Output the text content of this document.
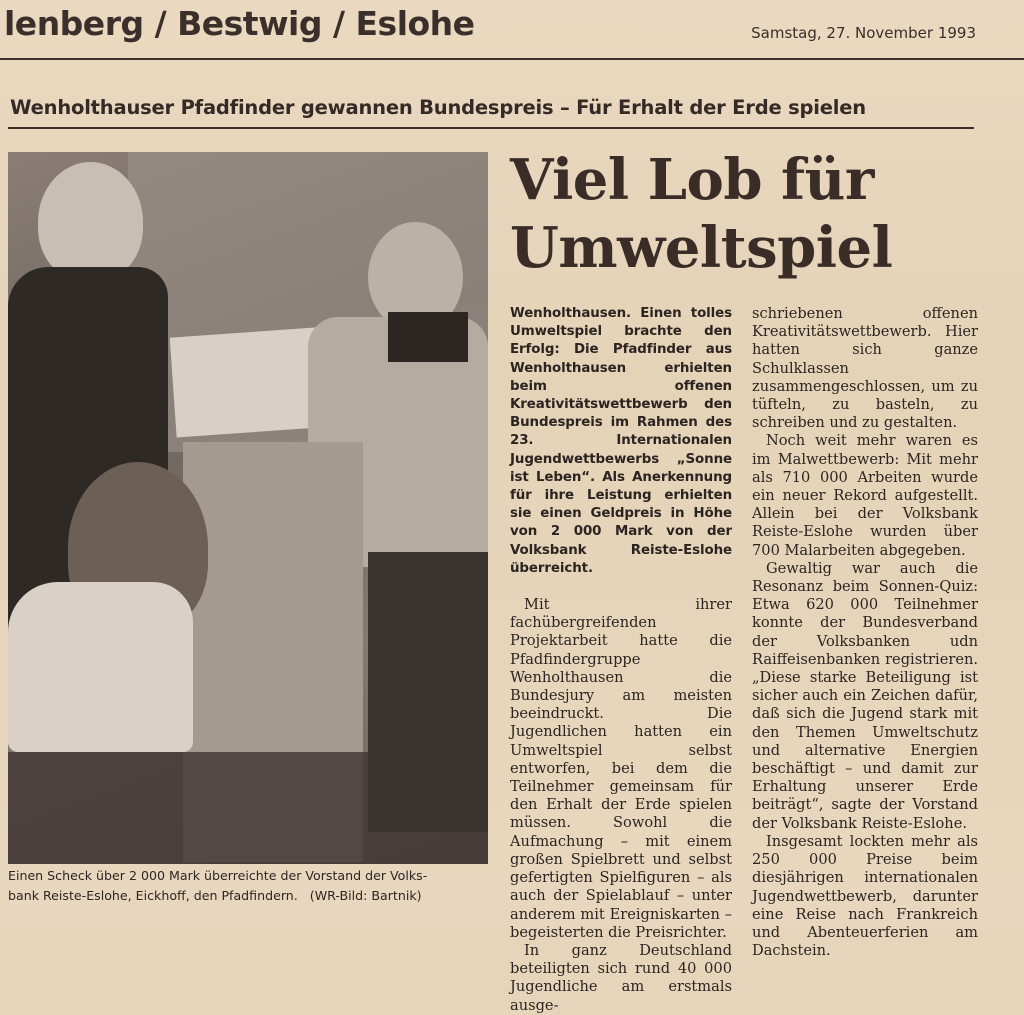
lenberg / Bestwig / Eslohe	Samstag, 27. November 1993
Wenholthauser Pfadfinder gewannen Bundespreis – Für Erhalt der Erde spielen
Viel Lob für
Umweltspiel
Einen Scheck über 2 000 Mark überreichte der Vorstand der Volks-
bank Reiste-Eslohe, Eickhoff, den Pfadfindern.   (WR-Bild: Bartnik)

Wenholthausen. Einen tolles Umweltspiel brachte den Erfolg: Die Pfadfinder aus Wenholthausen erhielten beim offenen Kreativitätswettbewerb den Bundespreis im Rahmen des 23. Internationalen Jugendwettbewerbs „Sonne ist Leben“. Als Anerkennung für ihre Leistung erhielten sie einen Geldpreis in Höhe von 2 000 Mark von der Volksbank Reiste-Eslohe überreicht.

Mit ihrer fachübergreifenden Projektarbeit hatte die Pfadfindergruppe Wenholthausen die Bundesjury am meisten beeindruckt. Die Jugendlichen hatten ein Umweltspiel selbst entworfen, bei dem die Teilnehmer gemeinsam für den Erhalt der Erde spielen müssen. Sowohl die Aufmachung – mit einem großen Spielbrett und selbst gefertigten Spielfiguren – als auch der Spielablauf – unter anderem mit Ereigniskarten – begeisterten die Preisrichter.

In ganz Deutschland beteiligten sich rund 40 000 Jugendliche am erstmals ausge-

schriebenen offenen Kreativitätswettbewerb. Hier hatten sich ganze Schulklassen zusammengeschlossen, um zu tüfteln, zu basteln, zu schreiben und zu gestalten.

Noch weit mehr waren es im Malwettbewerb: Mit mehr als 710 000 Arbeiten wurde ein neuer Rekord aufgestellt. Allein bei der Volksbank Reiste-Eslohe wurden über 700 Malarbeiten abgegeben.

Gewaltig war auch die Resonanz beim Sonnen-Quiz: Etwa 620 000 Teilnehmer konnte der Bundesverband der Volksbanken udn Raiffeisenbanken registrieren. „Diese starke Beteiligung ist sicher auch ein Zeichen dafür, daß sich die Jugend stark mit den Themen Umweltschutz und alternative Energien beschäftigt – und damit zur Erhaltung unserer Erde beiträgt“, sagte der Vorstand der Volksbank Reiste-Eslohe.

Insgesamt lockten mehr als 250 000 Preise beim diesjährigen internationalen Jugendwettbewerb, darunter eine Reise nach Frankreich und Abenteuerferien am Dachstein.
